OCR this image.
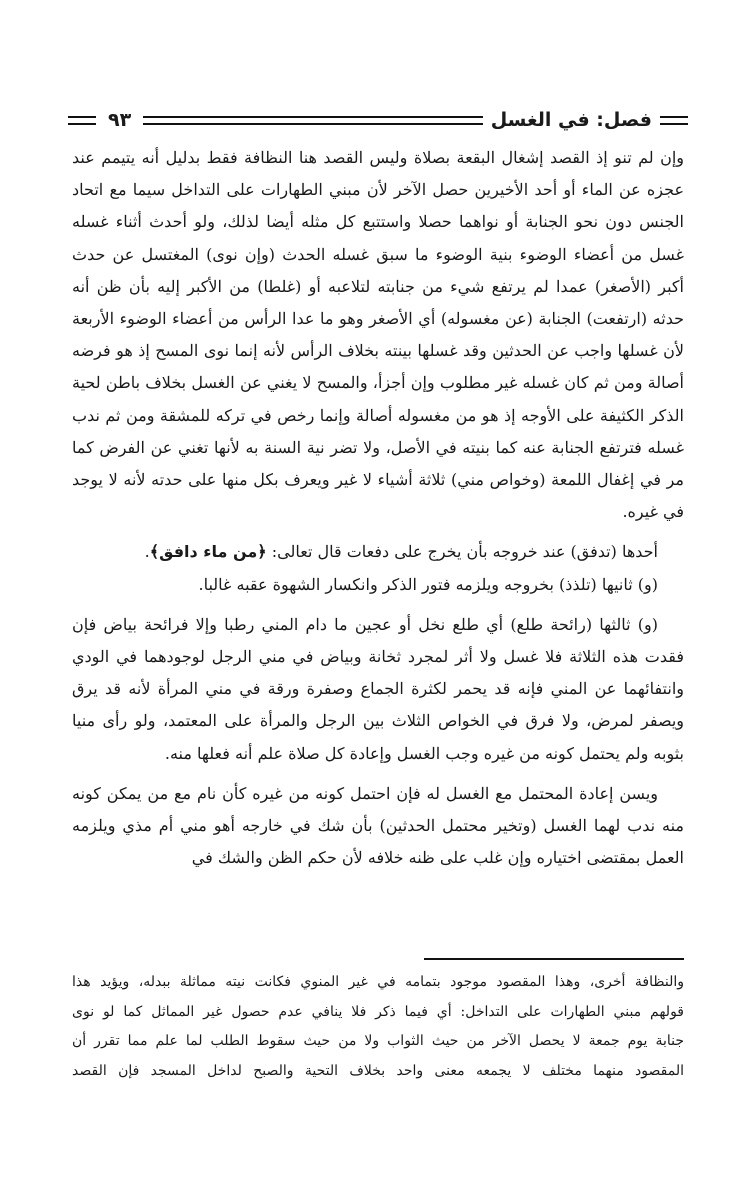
فصل: في الغسل
٩٣

وإن لم تنو إذ القصد إشغال البقعة بصلاة وليس القصد هنا النظافة فقط بدليل أنه يتيمم عند عجزه عن الماء أو أحد الأخيرين حصل الآخر لأن مبني الطهارات على التداخل سيما مع اتحاد الجنس دون نحو الجنابة أو نواهما حصلا واستتبع كل مثله أيضا لذلك، ولو أحدث أثناء غسله غسل من أعضاء الوضوء بنية الوضوء ما سبق غسله الحدث (وإن نوى) المغتسل عن حدث أكبر (الأصغر) عمدا لم يرتفع شيء من جنابته لتلاعبه أو (غلطا) من الأكبر إليه بأن ظن أنه حدثه (ارتفعت) الجنابة (عن مغسوله) أي الأصغر وهو ما عدا الرأس من أعضاء الوضوء الأربعة لأن غسلها واجب عن الحدثين وقد غسلها بينته بخلاف الرأس لأنه إنما نوى المسح إذ هو فرضه أصالة ومن ثم كان غسله غير مطلوب وإن أجزأ، والمسح لا يغني عن الغسل بخلاف باطن لحية الذكر الكثيفة على الأوجه إذ هو من مغسوله أصالة وإنما رخص في تركه للمشقة ومن ثم ندب غسله فترتفع الجنابة عنه كما بنيته في الأصل، ولا تضر نية السنة به لأنها تغني عن الفرض كما مر في إغفال اللمعة (وخواص مني) ثلاثة أشياء لا غير ويعرف بكل منها على حدته لأنه لا يوجد في غيره.

أحدها (تدفق) عند خروجه بأن يخرج على دفعات قال تعالى: ﴿من ماء دافق﴾.

(و) ثانيها (تلذذ) بخروجه ويلزمه فتور الذكر وانكسار الشهوة عقبه غالبا.

(و) ثالثها (رائحة طلع) أي طلع نخل أو عجين ما دام المني رطبا وإلا فرائحة بياض فإن فقدت هذه الثلاثة فلا غسل ولا أثر لمجرد ثخانة وبياض في مني الرجل لوجودهما في الودي وانتفائهما عن المني فإنه قد يحمر لكثرة الجماع وصفرة ورقة في مني المرأة لأنه قد يرق ويصفر لمرض، ولا فرق في الخواص الثلاث بين الرجل والمرأة على المعتمد، ولو رأى منيا بثوبه ولم يحتمل كونه من غيره وجب الغسل وإعادة كل صلاة علم أنه فعلها منه.

ويسن إعادة المحتمل مع الغسل له فإن احتمل كونه من غيره كأن نام مع من يمكن كونه منه ندب لهما الغسل (وتخير محتمل الحدثين) بأن شك في خارجه أهو مني أم مذي ويلزمه العمل بمقتضى اختياره وإن غلب على ظنه خلافه لأن حكم الظن والشك في

والنظافة أخرى، وهذا المقصود موجود بتمامه في غير المنوي فكانت نيته مماثلة ببدله، ويؤيد هذا

قولهم مبني الطهارات على التداخل: أي فيما ذكر فلا ينافي عدم حصول غير المماثل كما لو نوى

جنابة يوم جمعة لا يحصل الآخر من حيث الثواب ولا من حيث سقوط الطلب لما علم مما تقرر أن

المقصود منهما مختلف لا يجمعه معنى واحد بخلاف التحية والصبح لداخل المسجد فإن القصد
